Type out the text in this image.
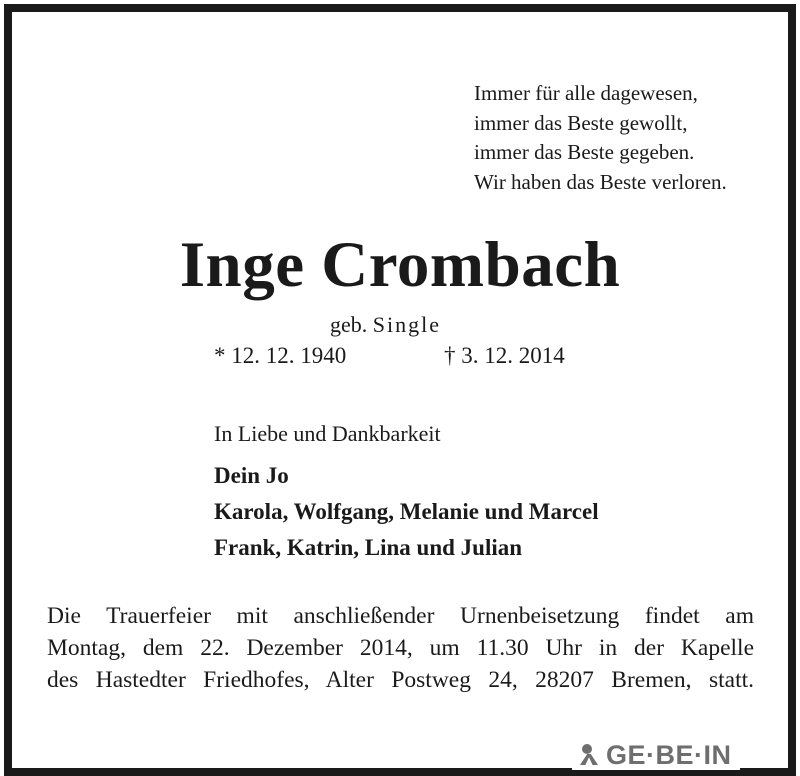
Immer für alle dagewesen,
immer das Beste gewollt,
immer das Beste gegeben.
Wir haben das Beste verloren.
Inge Crombach
geb. Single
* 12. 12. 1940	† 3. 12. 2014
In Liebe und Dankbarkeit
Dein Jo
Karola, Wolfgang, Melanie und Marcel
Frank, Katrin, Lina und Julian
Die Trauerfeier mit anschließender Urnenbeisetzung findet am
Montag, dem 22. Dezember 2014, um 11.30 Uhr in der Kapelle
des Hastedter Friedhofes, Alter Postweg 24, 28207 Bremen, statt.
GE·BE·IN
